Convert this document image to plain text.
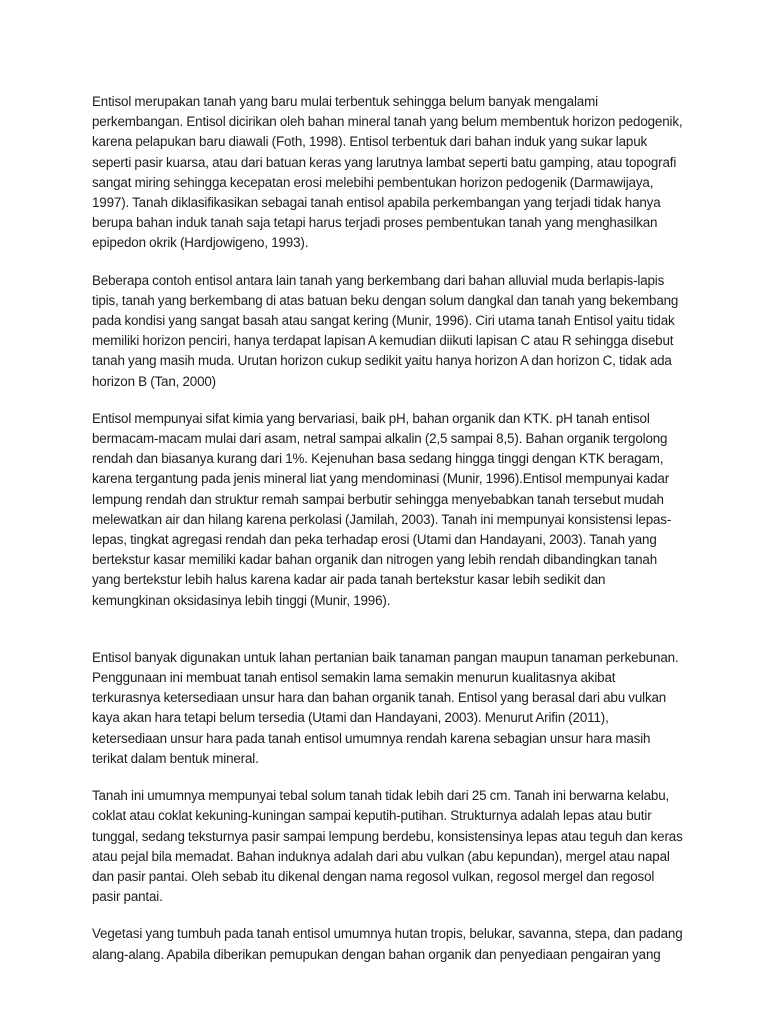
Entisol merupakan tanah yang baru mulai terbentuk sehingga belum banyak mengalami perkembangan. Entisol dicirikan oleh bahan mineral tanah yang belum membentuk horizon pedogenik, karena pelapukan baru diawali (Foth, 1998). Entisol terbentuk dari bahan induk yang sukar lapuk seperti pasir kuarsa, atau dari batuan keras yang larutnya lambat seperti batu gamping, atau topografi sangat miring sehingga kecepatan erosi melebihi pembentukan horizon pedogenik (Darmawijaya, 1997). Tanah diklasifikasikan sebagai tanah entisol apabila perkembangan yang terjadi tidak hanya berupa bahan induk tanah saja tetapi harus terjadi proses pembentukan tanah yang menghasilkan epipedon okrik (Hardjowigeno, 1993).

Beberapa contoh entisol antara lain tanah yang berkembang dari bahan alluvial muda berlapis-lapis tipis, tanah yang berkembang di atas batuan beku dengan solum dangkal dan tanah yang bekembang pada kondisi yang sangat basah atau sangat kering (Munir, 1996). Ciri utama tanah Entisol yaitu tidak memiliki horizon penciri, hanya terdapat lapisan A kemudian diikuti lapisan C atau R sehingga disebut tanah yang masih muda. Urutan horizon cukup sedikit yaitu hanya horizon A dan horizon C, tidak ada horizon B (Tan, 2000)

Entisol mempunyai sifat kimia yang bervariasi, baik pH, bahan organik dan KTK. pH tanah entisol bermacam-macam mulai dari asam, netral sampai alkalin (2,5 sampai 8,5). Bahan organik tergolong rendah dan biasanya kurang dari 1%. Kejenuhan basa sedang hingga tinggi dengan KTK beragam, karena tergantung pada jenis mineral liat yang mendominasi (Munir, 1996).Entisol mempunyai kadar lempung rendah dan struktur remah sampai berbutir sehingga menyebabkan tanah tersebut mudah melewatkan air dan hilang karena perkolasi (Jamilah, 2003). Tanah ini mempunyai konsistensi lepas-lepas, tingkat agregasi rendah dan peka terhadap erosi (Utami dan Handayani, 2003). Tanah yang bertekstur kasar memiliki kadar bahan organik dan nitrogen yang lebih rendah dibandingkan tanah yang bertekstur lebih halus karena kadar air pada tanah bertekstur kasar lebih sedikit dan kemungkinan oksidasinya lebih tinggi (Munir, 1996).

Entisol banyak digunakan untuk lahan pertanian baik tanaman pangan maupun tanaman perkebunan. Penggunaan ini membuat tanah entisol semakin lama semakin menurun kualitasnya akibat terkurasnya ketersediaan unsur hara dan bahan organik tanah. Entisol yang berasal dari abu vulkan kaya akan hara tetapi belum tersedia (Utami dan Handayani, 2003). Menurut Arifin (2011), ketersediaan unsur hara pada tanah entisol umumnya rendah karena sebagian unsur hara masih terikat dalam bentuk mineral.

Tanah ini umumnya mempunyai tebal solum tanah tidak lebih dari 25 cm. Tanah ini berwarna kelabu, coklat atau coklat kekuning-kuningan sampai keputih-putihan. Strukturnya adalah lepas atau butir tunggal, sedang teksturnya pasir sampai lempung berdebu, konsistensinya lepas atau teguh dan keras atau pejal bila memadat. Bahan induknya adalah dari abu vulkan (abu kepundan), mergel atau napal dan pasir pantai. Oleh sebab itu dikenal dengan nama regosol vulkan, regosol mergel dan regosol pasir pantai.

Vegetasi yang tumbuh pada tanah entisol umumnya hutan tropis, belukar, savanna, stepa, dan padang alang-alang. Apabila diberikan pemupukan dengan bahan organik dan penyediaan pengairan yang
